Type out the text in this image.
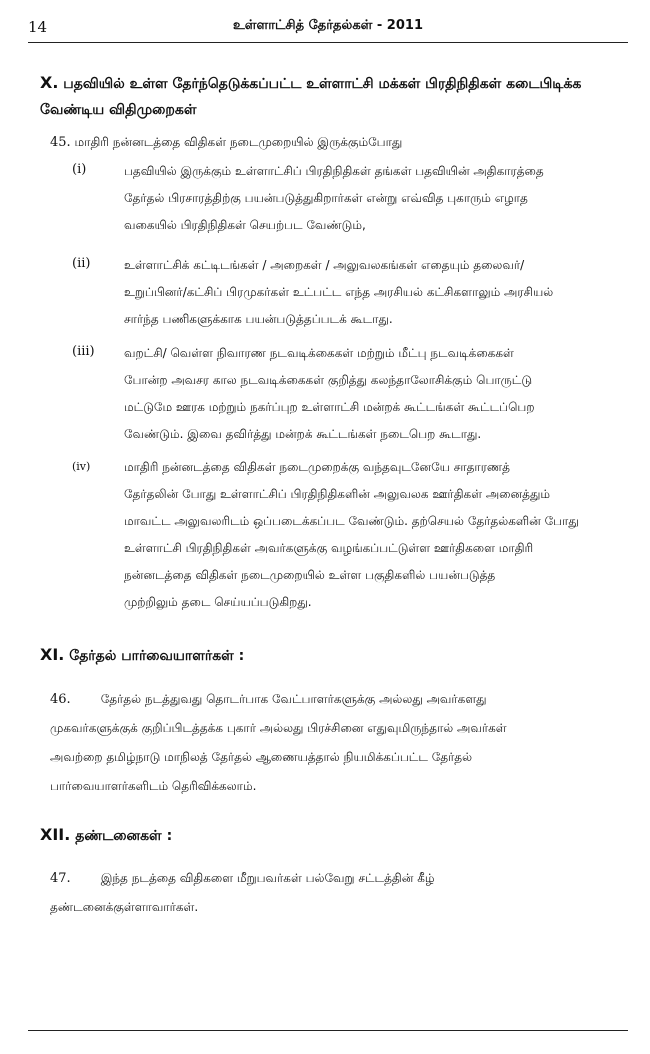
14	உள்ளாட்சித் தேர்தல்கள் - 2011
X. பதவியில் உள்ள தேர்ந்தெடுக்கப்பட்ட உள்ளாட்சி மக்கள் பிரதிநிதிகள் கடைபிடிக்க
வேண்டிய விதிமுறைகள்
45. மாதிரி நன்னடத்தை விதிகள் நடைமுறையில் இருக்கும்போது
(i)	பதவியில் இருக்கும் உள்ளாட்சிப் பிரதிநிதிகள் தங்கள் பதவியின் அதிகாரத்தை
தேர்தல் பிரசாரத்திற்கு பயன்படுத்துகிறார்கள் என்று எவ்வித புகாரும் எழாத
வகையில் பிரதிநிதிகள் செயற்பட வேண்டும்,
(ii)	உள்ளாட்சிக் கட்டிடங்கள் / அறைகள் / அலுவலகங்கள் எதையும் தலைவர்/
உறுப்பினர்/கட்சிப் பிரமுகர்கள் உட்பட்ட எந்த அரசியல் கட்சிகளாலும் அரசியல்
சார்ந்த பணிகளுக்காக பயன்படுத்தப்படக் கூடாது.
(iii) வறட்சி/ வெள்ள நிவாரண நடவடிக்கைகள் மற்றும் மீட்பு நடவடிக்கைகள்
போன்ற அவசர கால நடவடிக்கைகள் குறித்து கலந்தாலோசிக்கும் பொருட்டு
மட்டுமே ஊரக மற்றும் நகர்ப்புற உள்ளாட்சி மன்றக் கூட்டங்கள் கூட்டப்பெற
வேண்டும். இவை தவிர்த்து மன்றக் கூட்டங்கள் நடைபெற கூடாது.
(iv)	மாதிரி நன்னடத்தை விதிகள் நடைமுறைக்கு வந்தவுடனேயே சாதாரணத்
தேர்தலின் போது உள்ளாட்சிப் பிரதிநிதிகளின் அலுவலக ஊர்திகள் அனைத்தும்
மாவட்ட அலுவலரிடம் ஒப்படைக்கப்பட வேண்டும். தற்செயல் தேர்தல்களின் போது
உள்ளாட்சி பிரதிநிதிகள் அவர்களுக்கு வழங்கப்பட்டுள்ள ஊர்திகளை மாதிரி
நன்னடத்தை விதிகள் நடைமுறையில் உள்ள பகுதிகளில் பயன்படுத்த
முற்றிலும் தடை செய்யப்படுகிறது.
XI. தேர்தல் பார்வையாளர்கள் :
46.	தேர்தல் நடத்துவது தொடர்பாக வேட்பாளர்களுக்கு அல்லது அவர்களது
முகவர்களுக்குக் குறிப்பிடத்தக்க புகார் அல்லது பிரச்சினை எதுவுமிருந்தால் அவர்கள்
அவற்றை தமிழ்நாடு மாநிலத் தேர்தல் ஆணையத்தால் நியமிக்கப்பட்ட தேர்தல்
பார்வையாளர்களிடம் தெரிவிக்கலாம்.
XII. தண்டனைகள் :
47.	இந்த நடத்தை விதிகளை மீறுபவர்கள் பல்வேறு சட்டத்தின் கீழ்
தண்டனைக்குள்ளாவார்கள்.
